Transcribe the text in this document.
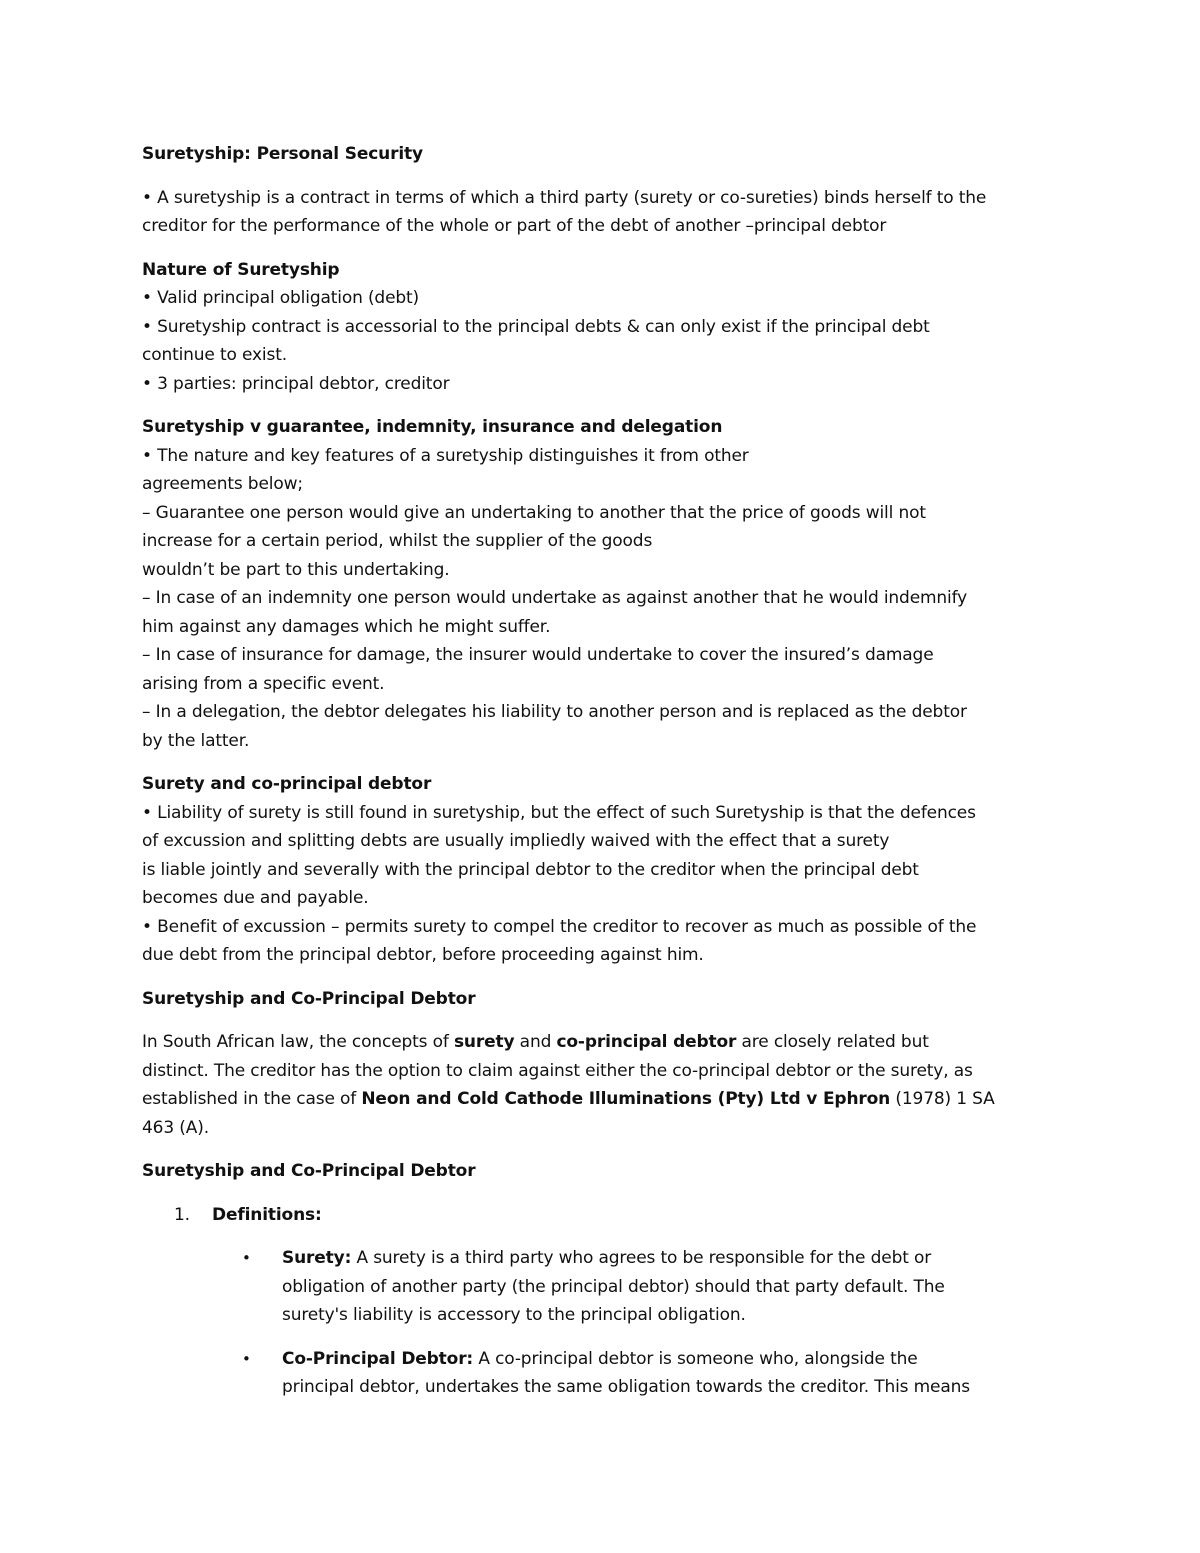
Suretyship: Personal Security

• A suretyship is a contract in terms of which a third party (surety or co-sureties) binds herself to the
creditor for the performance of the whole or part of the debt of another –principal debtor

Nature of Suretyship

• Valid principal obligation (debt)
• Suretyship contract is accessorial to the principal debts & can only exist if the principal debt
continue to exist.
• 3 parties: principal debtor, creditor

Suretyship v guarantee, indemnity, insurance and delegation

• The nature and key features of a suretyship distinguishes it from other
agreements below;
– Guarantee one person would give an undertaking to another that the price of goods will not
increase for a certain period, whilst the supplier of the goods
wouldn’t be part to this undertaking.
– In case of an indemnity one person would undertake as against another that he would indemnify
him against any damages which he might suffer.
– In case of insurance for damage, the insurer would undertake to cover the insured’s damage
arising from a specific event.
– In a delegation, the debtor delegates his liability to another person and is replaced as the debtor
by the latter.

Surety and co-principal debtor

• Liability of surety is still found in suretyship, but the effect of such Suretyship is that the defences
of excussion and splitting debts are usually impliedly waived with the effect that a surety
is liable jointly and severally with the principal debtor to the creditor when the principal debt
becomes due and payable.
• Benefit of excussion – permits surety to compel the creditor to recover as much as possible of the
due debt from the principal debtor, before proceeding against him.

Suretyship and Co-Principal Debtor

In South African law, the concepts of surety and co-principal debtor are closely related but
distinct. The creditor has the option to claim against either the co-principal debtor or the surety, as
established in the case of Neon and Cold Cathode Illuminations (Pty) Ltd v Ephron (1978) 1 SA
463 (A).

Suretyship and Co-Principal Debtor

1.	Definitions:
•	Surety: A surety is a third party who agrees to be responsible for the debt or
obligation of another party (the principal debtor) should that party default. The
surety's liability is accessory to the principal obligation.
•	Co-Principal Debtor: A co-principal debtor is someone who, alongside the
principal debtor, undertakes the same obligation towards the creditor. This means
